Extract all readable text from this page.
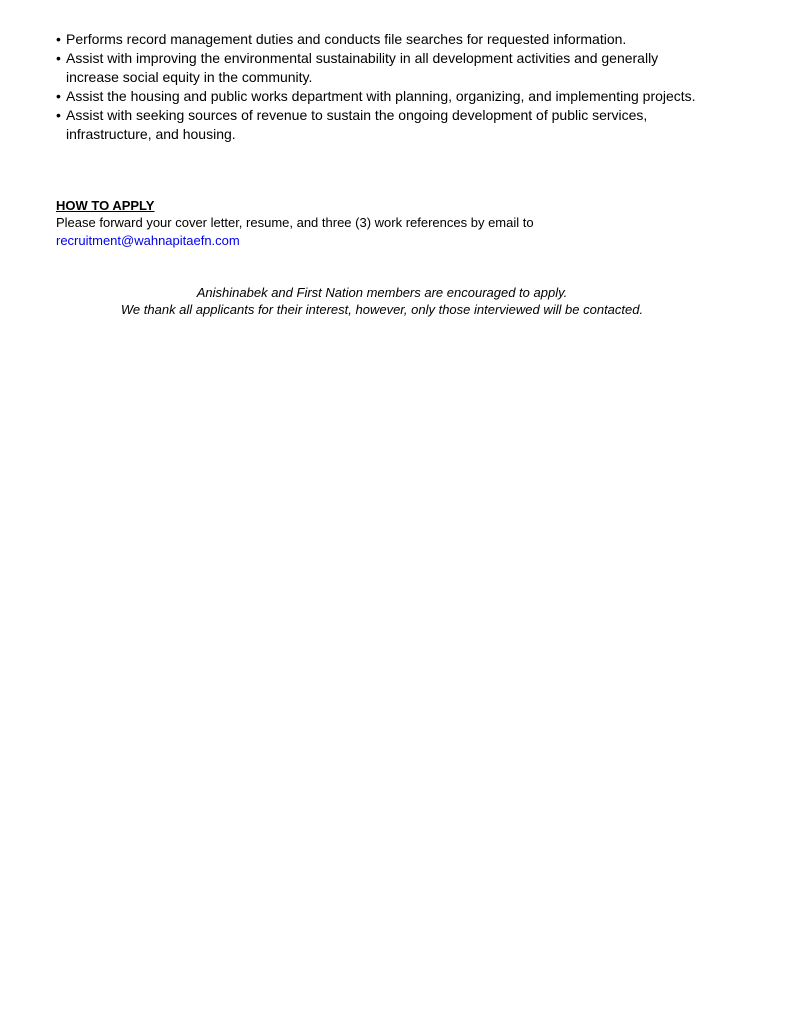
• Performs record management duties and conducts file searches for requested information.
• Assist with improving the environmental sustainability in all development activities and generally increase social equity in the community.
• Assist the housing and public works department with planning, organizing, and implementing projects.
• Assist with seeking sources of revenue to sustain the ongoing development of public services, infrastructure, and housing.

HOW TO APPLY

Please forward your cover letter, resume, and three (3) work references by email to

recruitment@wahnapitaefn.com

Anishinabek and First Nation members are encouraged to apply.

We thank all applicants for their interest, however, only those interviewed will be contacted.
